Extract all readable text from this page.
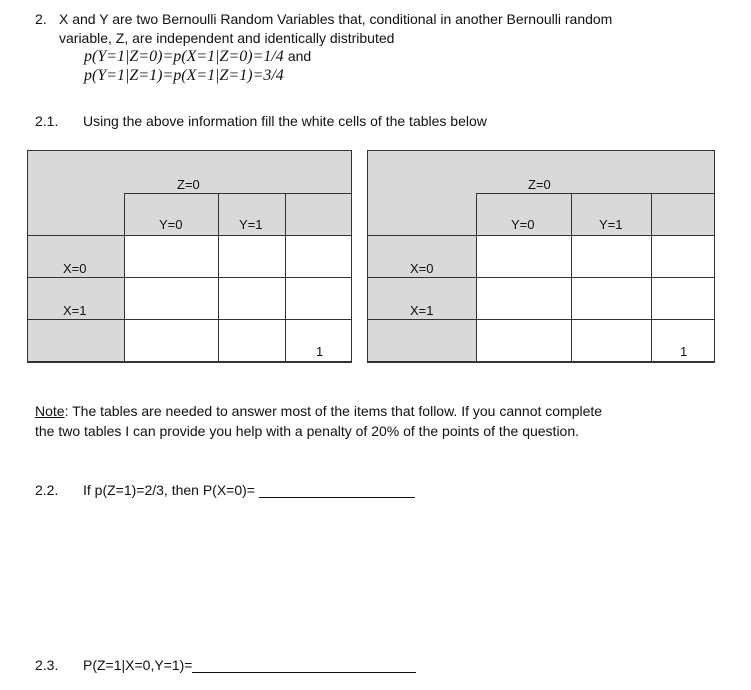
2. X and Y are two Bernoulli Random Variables that, conditional in another Bernoulli random
variable, Z, are independent and identically distributed
p(Y=1|Z=0)=p(X=1|Z=0)=1/4 and
p(Y=1|Z=1)=p(X=1|Z=1)=3/4
2.1. Using the above information fill the white cells of the tables below
Z=0
Y=0	Y=1
X=0
X=1
1
Z=0
Y=0	Y=1
X=0
X=1
1
Note: The tables are needed to answer most of the items that follow. If you cannot complete
the two tables I can provide you help with a penalty of 20% of the points of the question.
2.2. If p(Z=1)=2/3, then P(X=0)=
2.3. P(Z=1|X=0,Y=1)=
